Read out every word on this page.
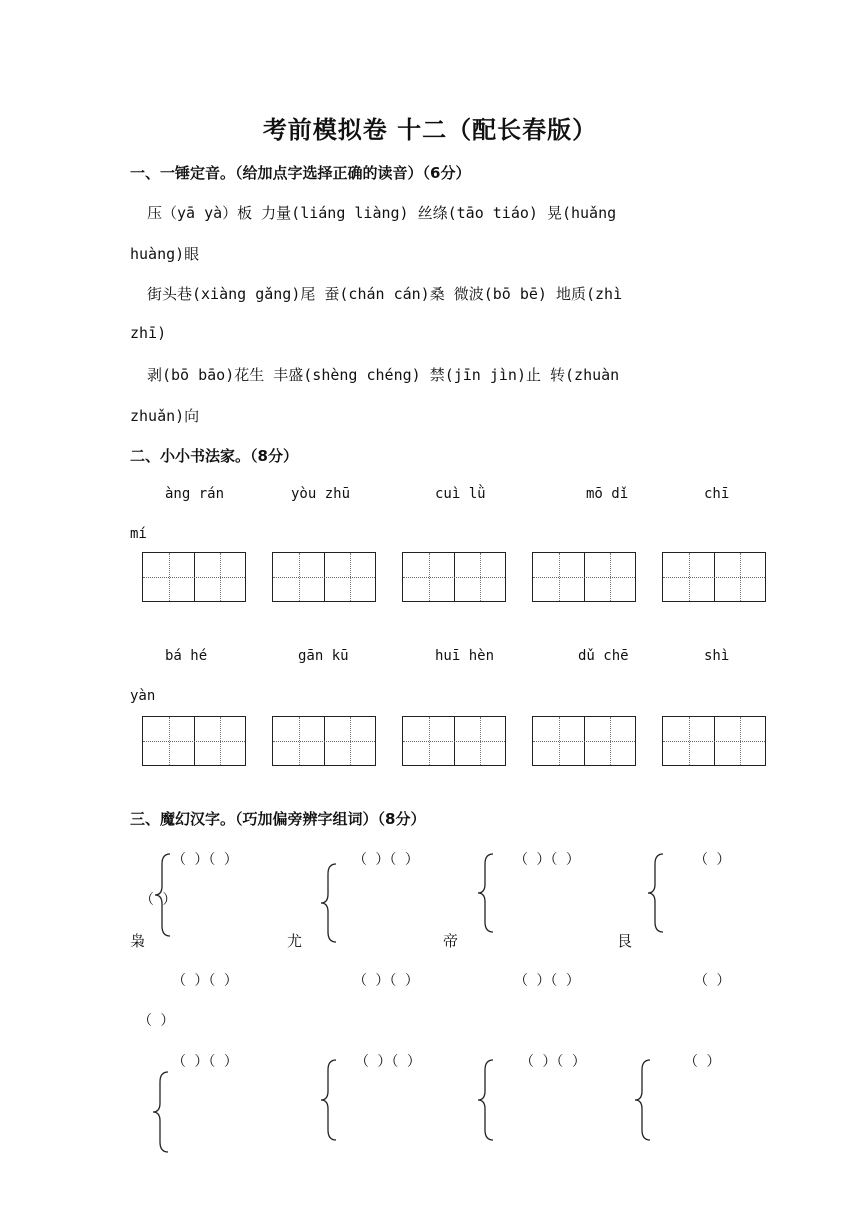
考前模拟卷 十二（配长春版）
一、一锤定音。（给加点字选择正确的读音）（6分）
压（yā yà）板 力量(liáng liàng) 丝绦(tāo tiáo) 晃(huǎng
huàng)眼
街头巷(xiàng gǎng)尾 蚕(chán cán)桑 微波(bō bē) 地质(zhì
zhī)
剥(bō bāo)花生 丰盛(shèng chéng) 禁(jīn jìn)止 转(zhuàn
zhuǎn)向
二、小小书法家。（8分）
àng rán	yòu zhū	cuì lǜ	mō dǐ	chī
mí
bá hé	gān kū	huī hèn	dǔ chē	shì
yàn
三、魔幻汉字。（巧加偏旁辨字组词）（8分）
（ ）（ ）	（ ）（ ）	（ ）（ ）	（ ）
（ ）
枭	尤	帝	艮
（ ）（ ）	（ ）（ ）	（ ）（ ）	（ ）
（ ）
（ ）（ ）	（ ）（ ）	（ ）（ ）	（ ）
